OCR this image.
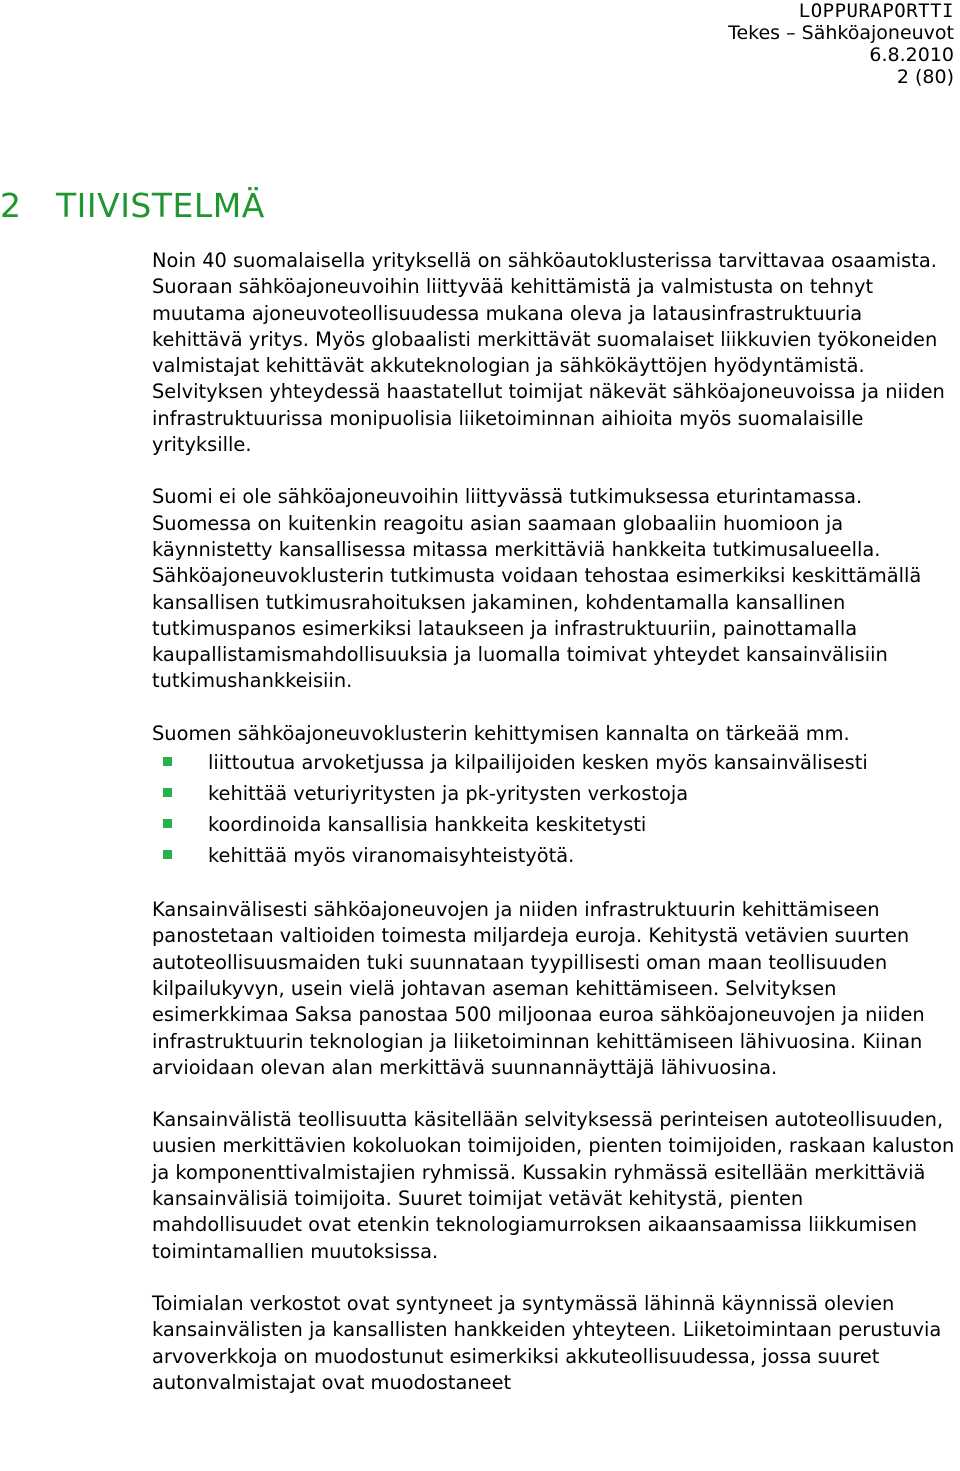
LOPPURAPORTTI
Tekes – Sähköajoneuvot
6.8.2010
2 (80)
2 TIIVISTELMÄ

Noin 40 suomalaisella yrityksellä on sähköautoklusterissa tarvittavaa osaamista. Suoraan sähköajoneuvoihin liittyvää kehittämistä ja valmistusta on tehnyt muutama ajoneuvoteollisuudessa mukana oleva ja latausinfrastruktuuria kehittävä yritys. Myös globaalisti merkittävät suomalaiset liikkuvien työkoneiden valmistajat kehittävät akkuteknologian ja sähkökäyttöjen hyödyntämistä. Selvityksen yhteydessä haastatellut toimijat näkevät sähköajoneuvoissa ja niiden infrastruktuurissa monipuolisia liiketoiminnan aihioita myös suomalaisille yrityksille.

Suomi ei ole sähköajoneuvoihin liittyvässä tutkimuksessa eturintamassa. Suomessa on kuitenkin reagoitu asian saamaan globaaliin huomioon ja käynnistetty kansallisessa mitassa merkittäviä hankkeita tutkimusalueella. Sähköajoneuvoklusterin tutkimusta voidaan tehostaa esimerkiksi keskittämällä kansallisen tutkimusrahoituksen jakaminen, kohdentamalla kansallinen tutkimuspanos esimerkiksi lataukseen ja infrastruktuuriin, painottamalla kaupallistamismahdollisuuksia ja luomalla toimivat yhteydet kansainvälisiin tutkimushankkeisiin.

Suomen sähköajoneuvoklusterin kehittymisen kannalta on tärkeää mm.

liittoutua arvoketjussa ja kilpailijoiden kesken myös kansainvälisesti
kehittää veturiyritysten ja pk-yritysten verkostoja
koordinoida kansallisia hankkeita keskitetysti
kehittää myös viranomaisyhteistyötä.

Kansainvälisesti sähköajoneuvojen ja niiden infrastruktuurin kehittämiseen panostetaan valtioiden toimesta miljardeja euroja. Kehitystä vetävien suurten autoteollisuusmaiden tuki suunnataan tyypillisesti oman maan teollisuuden kilpailukyvyn, usein vielä johtavan aseman kehittämiseen. Selvityksen esimerkkimaa Saksa panostaa 500 miljoonaa euroa sähköajoneuvojen ja niiden infrastruktuurin teknologian ja liiketoiminnan kehittämiseen lähivuosina. Kiinan arvioidaan olevan alan merkittävä suunnannäyttäjä lähivuosina.

Kansainvälistä teollisuutta käsitellään selvityksessä perinteisen autoteollisuuden, uusien merkittävien kokoluokan toimijoiden, pienten toimijoiden, raskaan kaluston ja komponenttivalmistajien ryhmissä. Kussakin ryhmässä esitellään merkittäviä kansainvälisiä toimijoita. Suuret toimijat vetävät kehitystä, pienten mahdollisuudet ovat etenkin teknologiamurroksen aikaansaamissa liikkumisen toimintamallien muutoksissa.

Toimialan verkostot ovat syntyneet ja syntymässä lähinnä käynnissä olevien kansainvälisten ja kansallisten hankkeiden yhteyteen. Liiketoimintaan perustuvia arvoverkkoja on muodostunut esimerkiksi akkuteollisuudessa, jossa suuret autonvalmistajat ovat muodostaneet
